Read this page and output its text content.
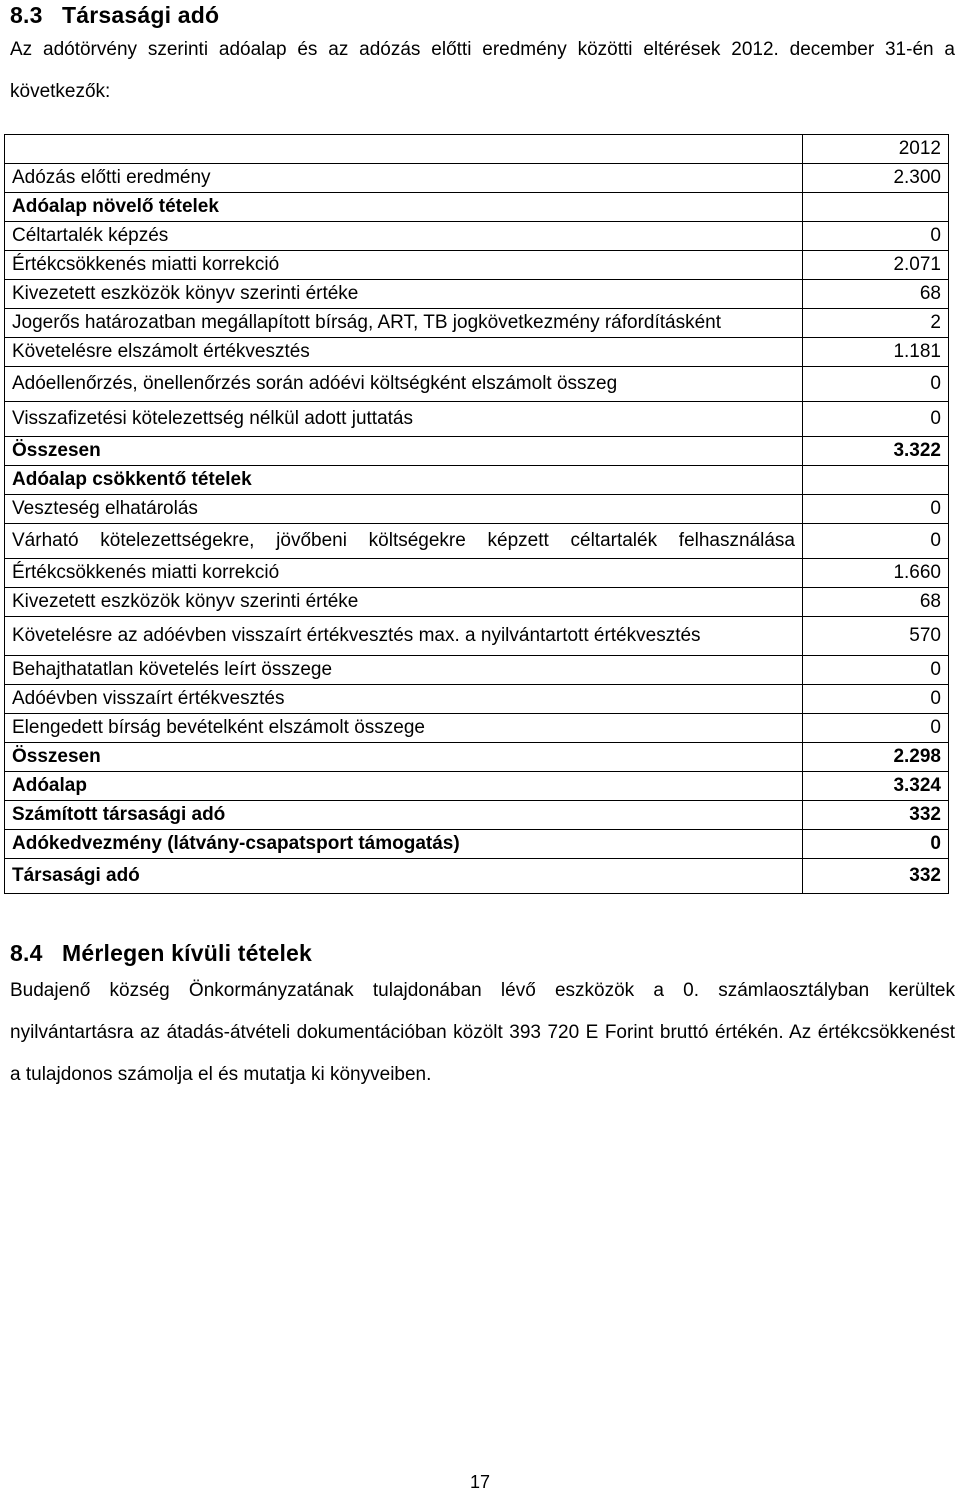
8.3 Társasági adó
Az adótörvény szerinti adóalap és az adózás előtti eredmény közötti eltérések 2012. december 31-én a következők:
	2012
Adózás előtti eredmény	2.300
Adóalap növelő tételek	
Céltartalék képzés	0
Értékcsökkenés miatti korrekció	2.071
Kivezetett eszközök könyv szerinti értéke	68
Jogerős határozatban megállapított bírság, ART, TB jogkövetkezmény ráfordításként	2
Követelésre elszámolt értékvesztés	1.181
Adóellenőrzés, önellenőrzés során adóévi költségként elszámolt összeg	0
Visszafizetési kötelezettség nélkül adott juttatás	0
Összesen	3.322
Adóalap csökkentő tételek	
Veszteség elhatárolás	0
Várható kötelezettségekre, jövőbeni költségekre képzett céltartalék felhasználása	0
Értékcsökkenés miatti korrekció	1.660
Kivezetett eszközök könyv szerinti értéke	68
Követelésre az adóévben visszaírt értékvesztés max. a nyilvántartott értékvesztés	570
Behajthatatlan követelés leírt összege	0
Adóévben visszaírt értékvesztés	0
Elengedett bírság bevételként elszámolt összege	0
Összesen	2.298
Adóalap	3.324
Számított társasági adó	332
Adókedvezmény (látvány-csapatsport támogatás)	0
Társasági adó	332
8.4 Mérlegen kívüli tételek
Budajenő község Önkormányzatának tulajdonában lévő eszközök a 0. számlaosztályban kerültek nyilvántartásra az átadás-átvételi dokumentációban közölt 393 720 E Forint bruttó értékén. Az értékcsökkenést a tulajdonos számolja el és mutatja ki könyveiben.
17
